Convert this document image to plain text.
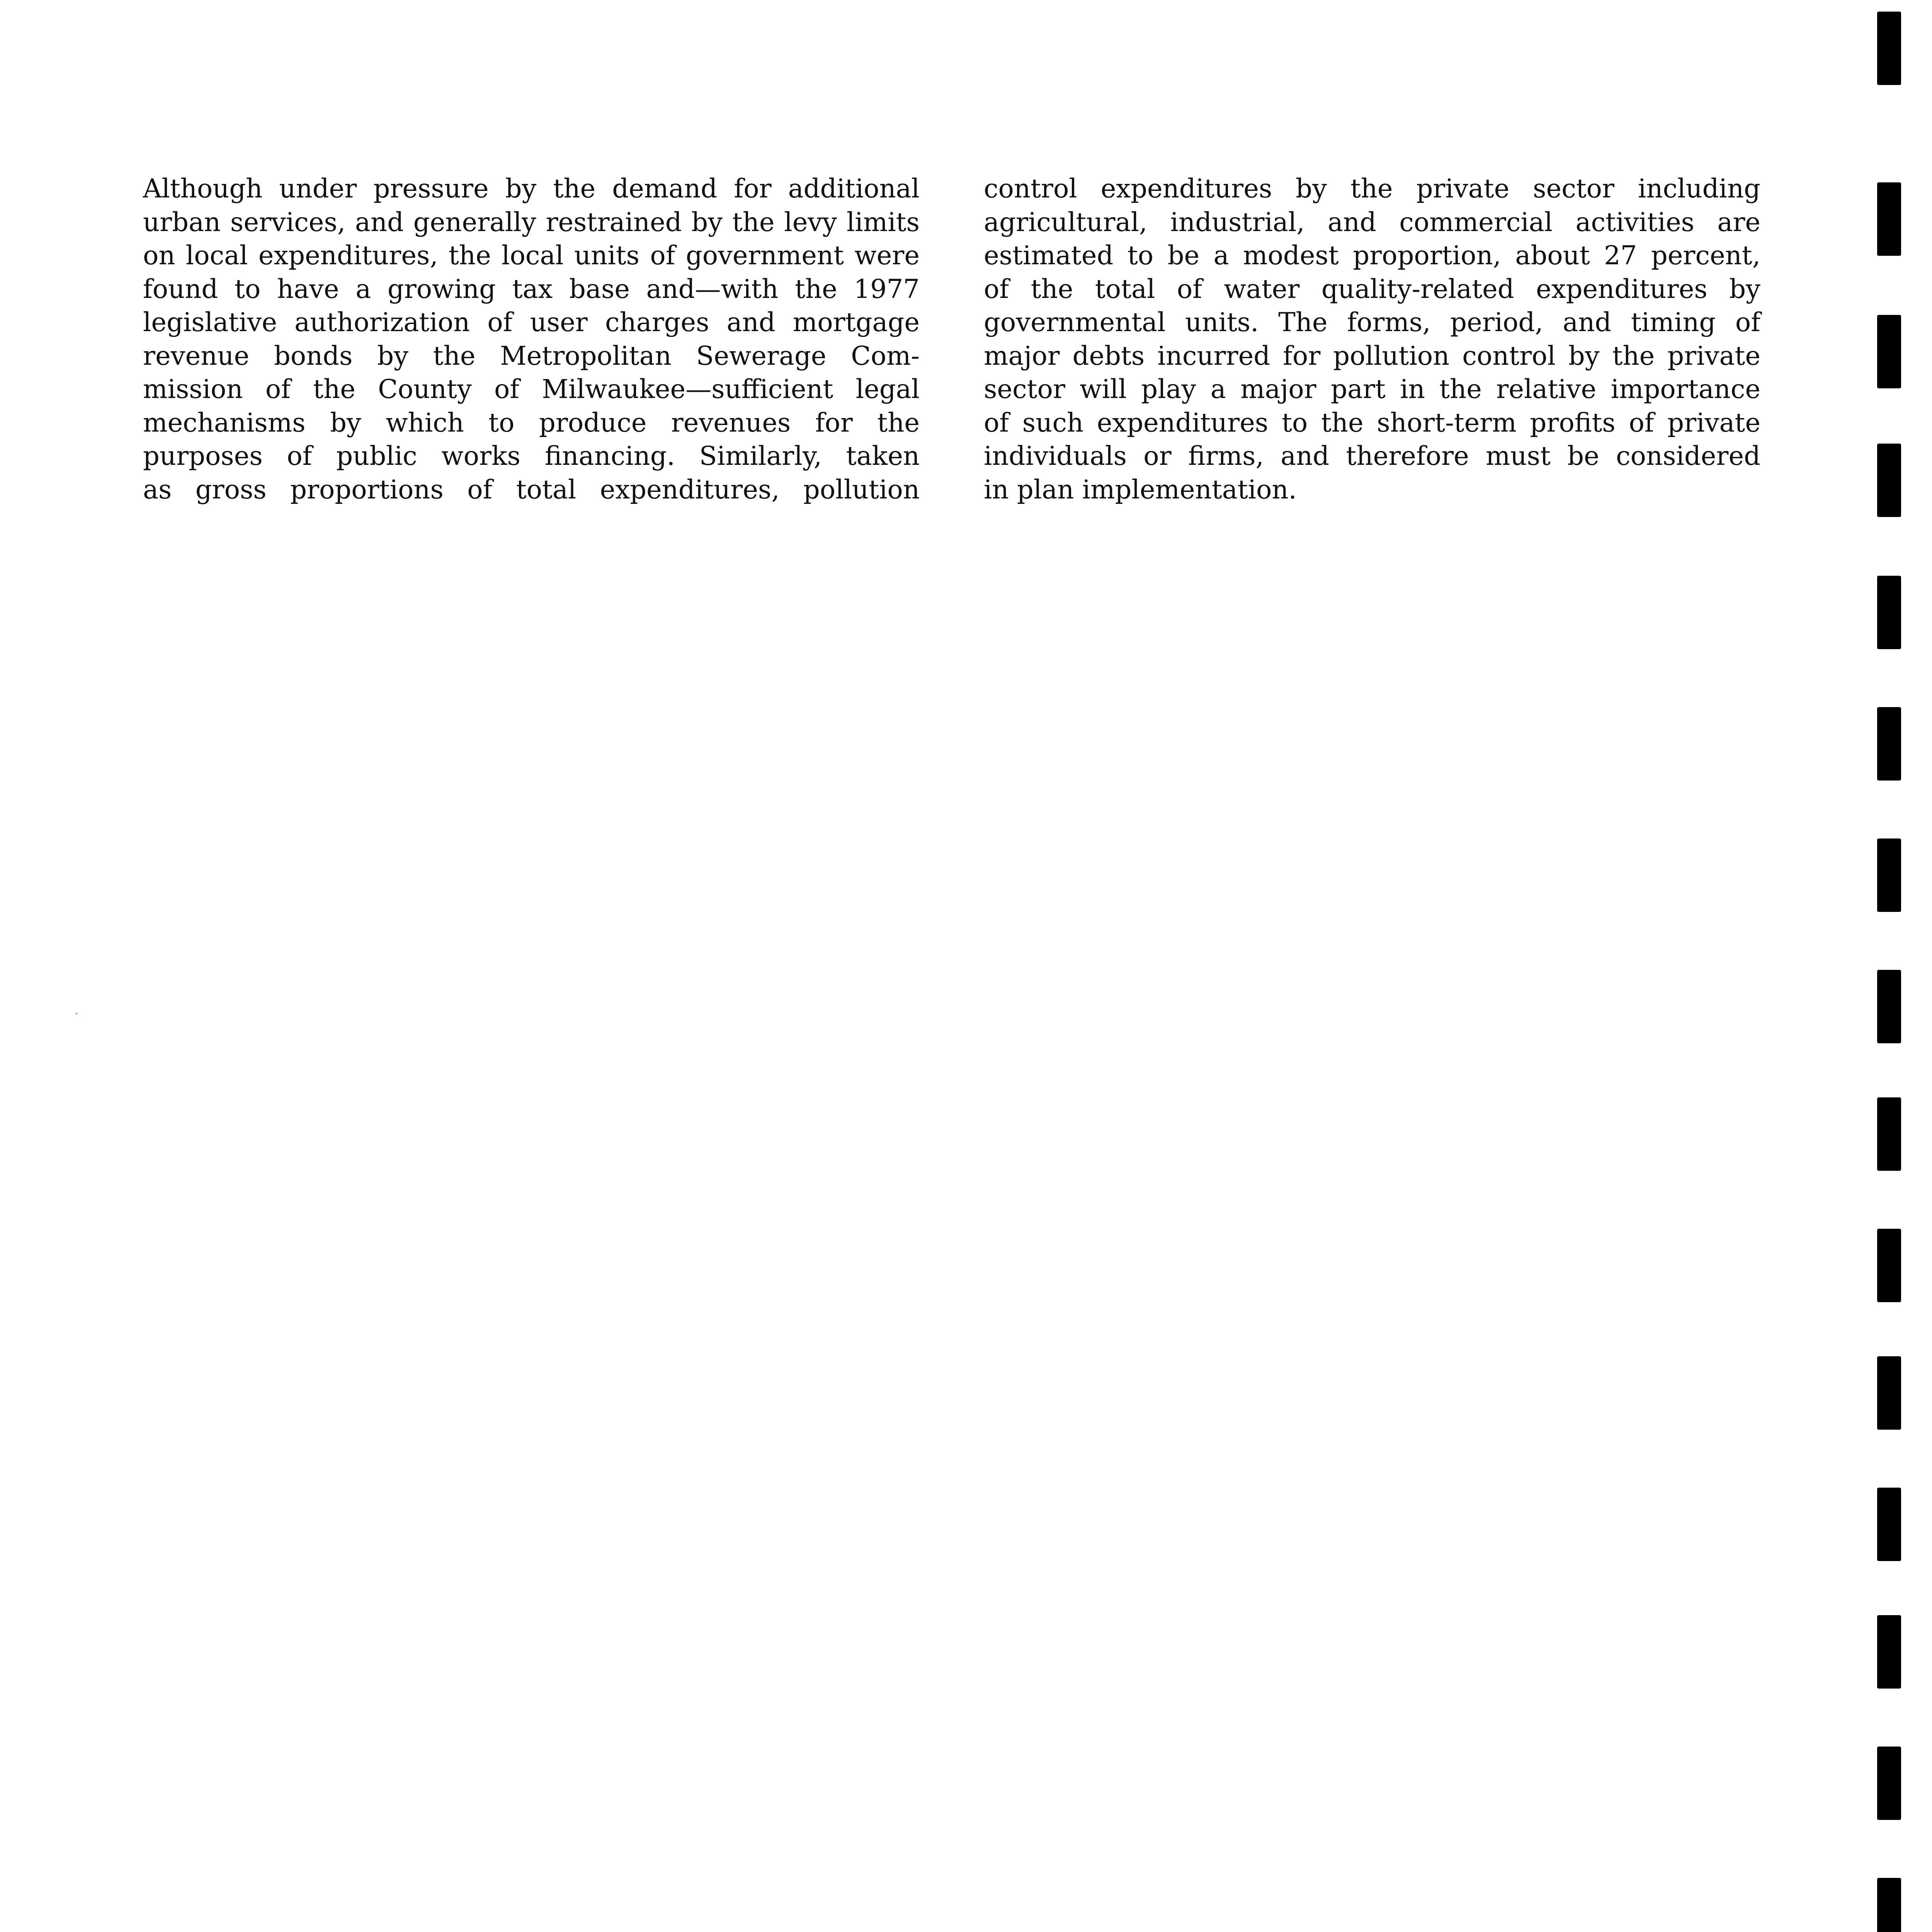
Although under pressure by the demand for additional
urban services, and generally restrained by the levy limits
on local expenditures, the local units of government were
found to have a growing tax base and—with the 1977
legislative authorization of user charges and mortgage
revenue bonds by the Metropolitan Sewerage Com-
mission of the County of Milwaukee—sufficient legal
mechanisms by which to produce revenues for the
purposes of public works financing. Similarly, taken
as gross proportions of total expenditures, pollution
control expenditures by the private sector including
agricultural, industrial, and commercial activities are
estimated to be a modest proportion, about 27 percent,
of the total of water quality-related expenditures by
governmental units. The forms, period, and timing of
major debts incurred for pollution control by the private
sector will play a major part in the relative importance
of such expenditures to the short-term profits of private
individuals or firms, and therefore must be considered
in plan implementation.
